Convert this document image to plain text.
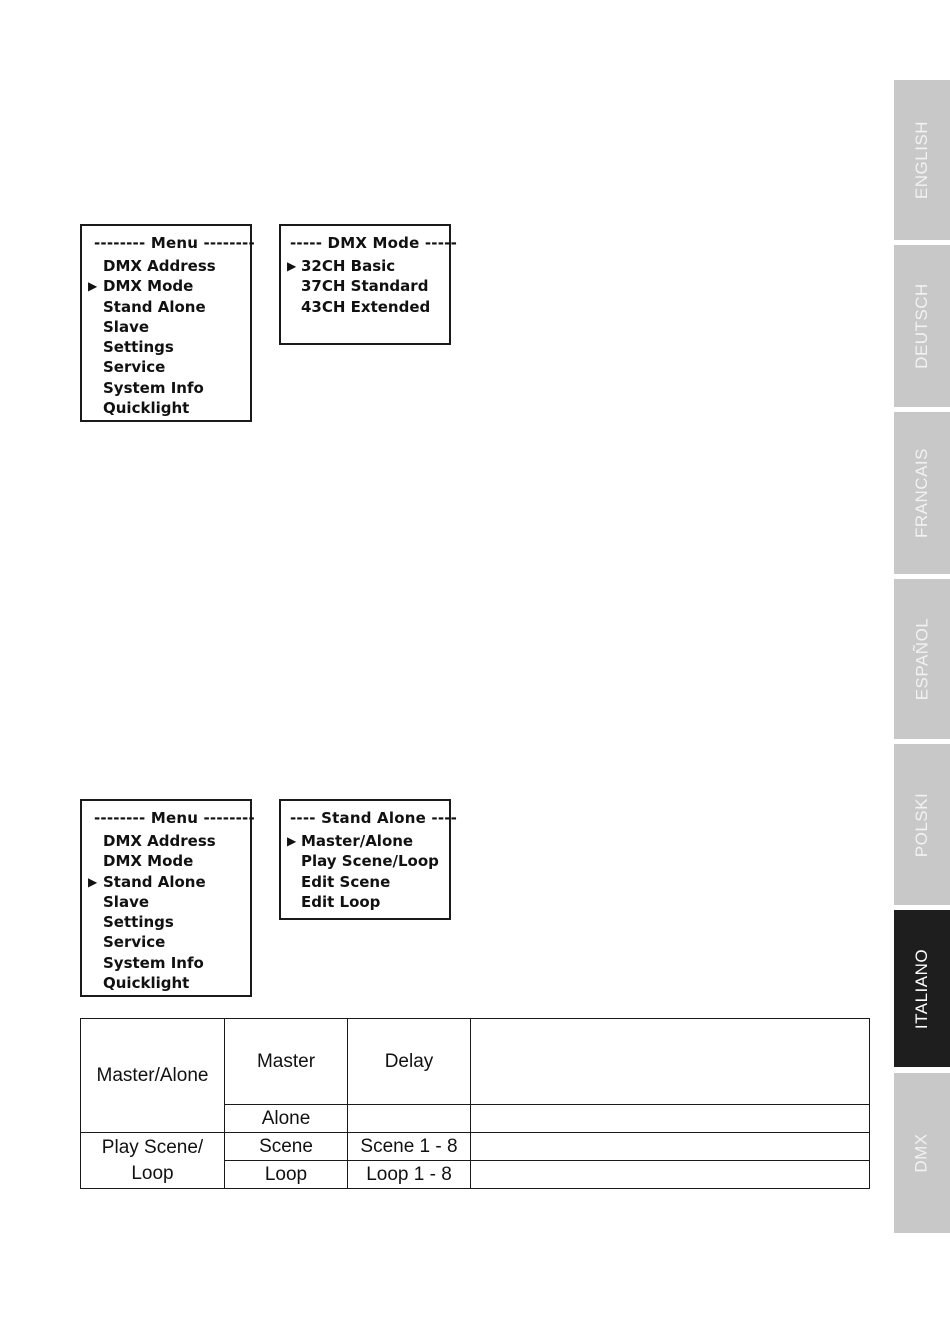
-------- Menu --------
DMX Address
▶ DMX Mode
Stand Alone
Slave
Settings
Service
System Info
Quicklight
----- DMX Mode -----
▶ 32CH Basic
37CH Standard
43CH Extended
-------- Menu --------
DMX Address
DMX Mode
▶ Stand Alone
Slave
Settings
Service
System Info
Quicklight
---- Stand Alone ----
▶ Master/Alone
Play Scene/Loop
Edit Scene
Edit Loop
Master/Alone	Master	Delay	
	Alone		
Play Scene/ Loop	Scene	Scene 1 - 8	
	Loop	Loop 1 - 8	
ENGLISH
DEUTSCH
FRANCAIS
ESPAÑOL
POLSKI
ITALIANO
DMX
